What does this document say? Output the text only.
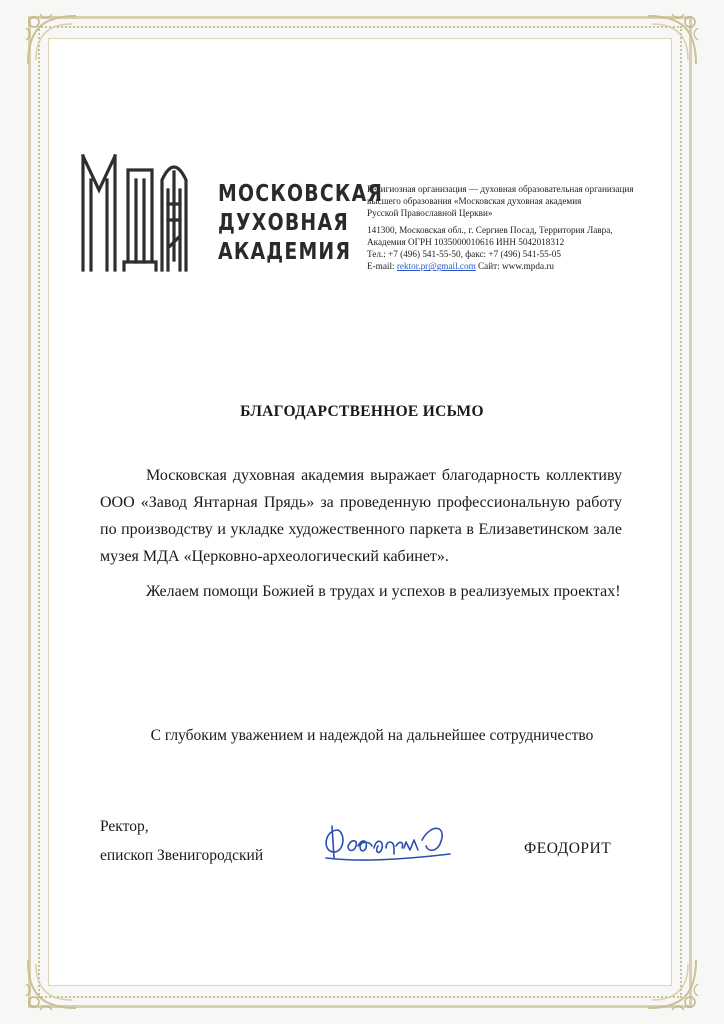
МОСКОВСКАЯ
ДУХОВНАЯ
АКАДЕМИЯ
Религиозная организация — духовная образовательная организация
высшего образования «Московская духовная академия
Русской Православной Церкви»
141300, Московская обл., г. Сергиев Посад, Территория Лавра,
Академия ОГРН 1035000010616 ИНН 5042018312
Тел.: +7 (496) 541-55-50, факс: +7 (496) 541-55-05
E-mail: rektor.pr@gmail.com Сайт: www.mpda.ru
БЛАГОДАРСТВЕННОЕ ИСЬМО

Московская духовная академия выражает благодарность коллективу ООО «Завод Янтарная Прядь» за проведенную профессиональную работу по производству и укладке художественного паркета в Елизаветинском зале музея МДА «Церковно-археологический кабинет».

Желаем помощи Божией в трудах и успехов в реализуемых проектах!

С глубоким уважением и надеждой на дальнейшее сотрудничество
Ректор,
епископ Звенигородский	ФЕОДОРИТ
